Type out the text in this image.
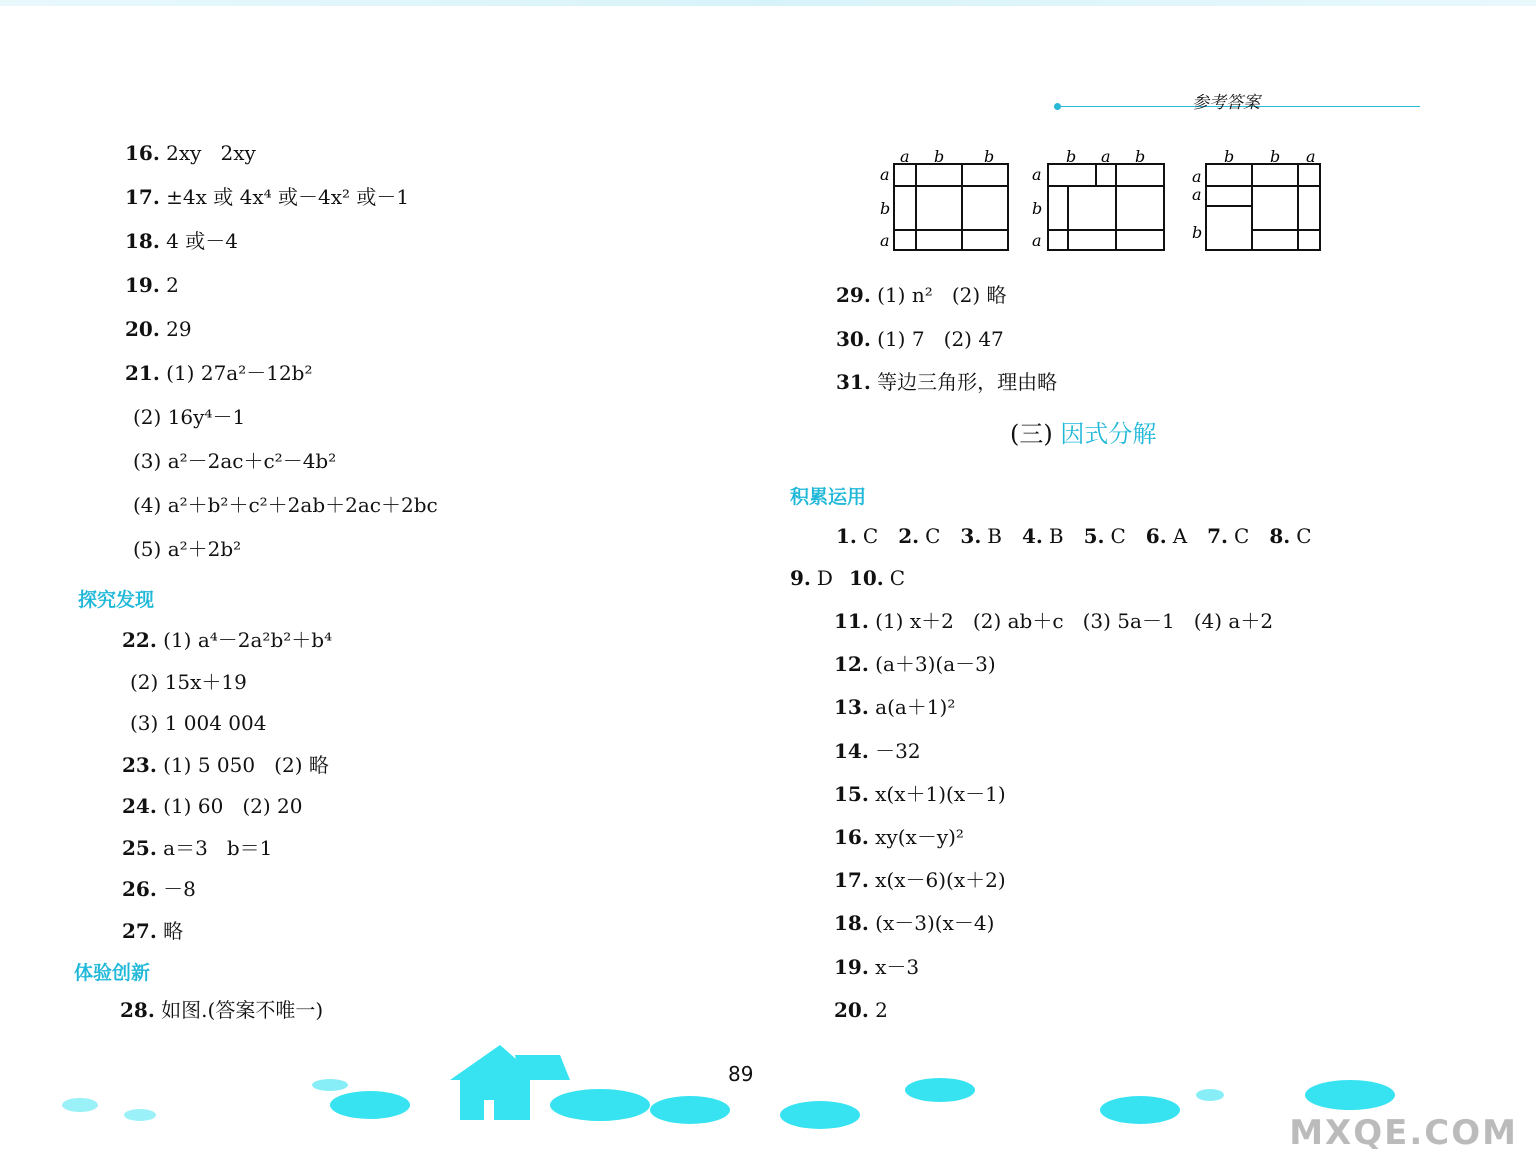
参考答案
探究发现
体验创新
a b b
a
b
a
b a b
a
b
a
b b a
a
a
b
(三) 因式分解
积累运用
1. C 2. C 3. B 4. B 5. C 6. A 7. C 8. C
9. D 10. C
89
MXQE.COM
16. 2xy   2xy
17. ±4x 或 4x⁴ 或－4x² 或－1
18. 4 或－4
19. 2
20. 29
21. (1) 27a²－12b²
(2) 16y⁴－1
(3) a²－2ac＋c²－4b²
(4) a²＋b²＋c²＋2ab＋2ac＋2bc
(5) a²＋2b²
22. (1) a⁴－2a²b²＋b⁴
(2) 15x＋19
(3) 1 004 004
23. (1) 5 050   (2) 略
24. (1) 60   (2) 20
25. a＝3   b＝1
26. －8
27. 略
28. 如图.(答案不唯一)
29. (1) n²   (2) 略
30. (1) 7   (2) 47
31. 等边三角形，理由略
11. (1) x＋2   (2) ab＋c   (3) 5a－1   (4) a＋2
12. (a＋3)(a－3)
13. a(a＋1)²
14. －32
15. x(x＋1)(x－1)
16. xy(x－y)²
17. x(x－6)(x＋2)
18. (x－3)(x－4)
19. x－3
20. 2
